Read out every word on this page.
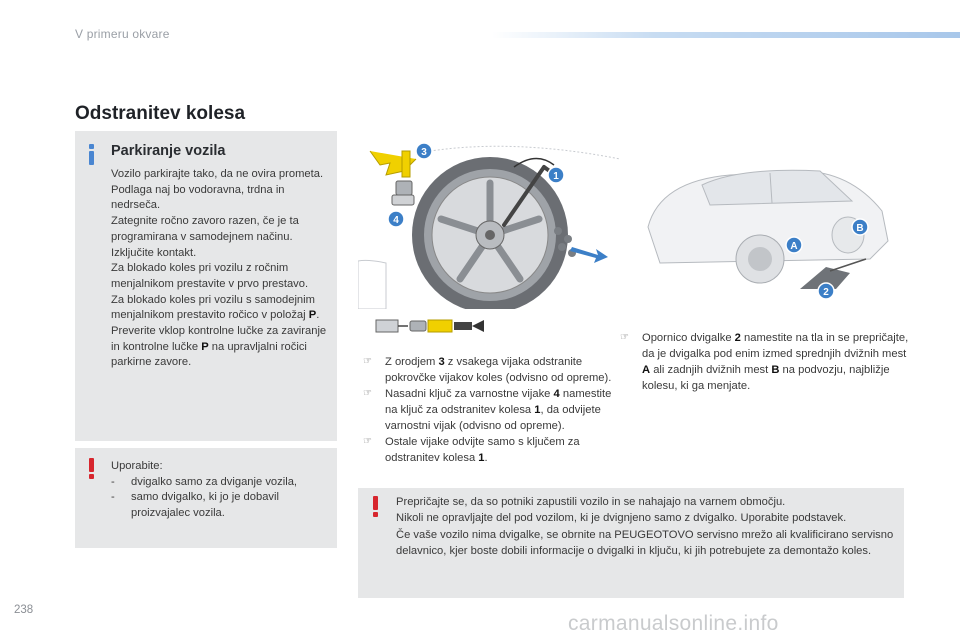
V primeru okvare
Odstranitev kolesa
Parkiranje vozila

Vozilo parkirajte tako, da ne ovira prometa. Podlaga naj bo vodoravna, trdna in nedrseča.

Zategnite ročno zavoro razen, če je ta programirana v samodejnem načinu.

Izključite kontakt.

Za blokado koles pri vozilu z ročnim menjalnikom prestavite v prvo prestavo.

Za blokado koles pri vozilu s samodejnim menjalnikom prestavito ročico v položaj P.

Preverite vklop kontrolne lučke za zaviranje in kontrolne lučke P na upravljalni ročici parkirne zavore.

Uporabite:
- dvigalko samo za dviganje vozila,
- samo dvigalko, ki jo je dobavil proizvajalec vozila.
3
1
4
A
B
2
☞ Z orodjem 3 z vsakega vijaka odstranite pokrovčke vijakov koles (odvisno od opreme).
☞ Nasadni ključ za varnostne vijake 4 namestite na ključ za odstranitev kolesa 1, da odvijete varnostni vijak (odvisno od opreme).
☞ Ostale vijake odvijte samo s ključem za odstranitev kolesa 1.
☞ Opornico dvigalke 2 namestite na tla in se prepričajte, da je dvigalka pod enim izmed sprednjih dvižnih mest A ali zadnjih dvižnih mest B na podvozju, najbližje kolesu, ki ga menjate.

Prepričajte se, da so potniki zapustili vozilo in se nahajajo na varnem območju.

Nikoli ne opravljajte del pod vozilom, ki je dvignjeno samo z dvigalko. Uporabite podstavek.

Če vaše vozilo nima dvigalke, se obrnite na PEUGEOTOVO servisno mrežo ali kvalificirano servisno delavnico, kjer boste dobili informacije o dvigalki in ključu, ki jih potrebujete za demontažo koles.

238
carmanualsonline.info
